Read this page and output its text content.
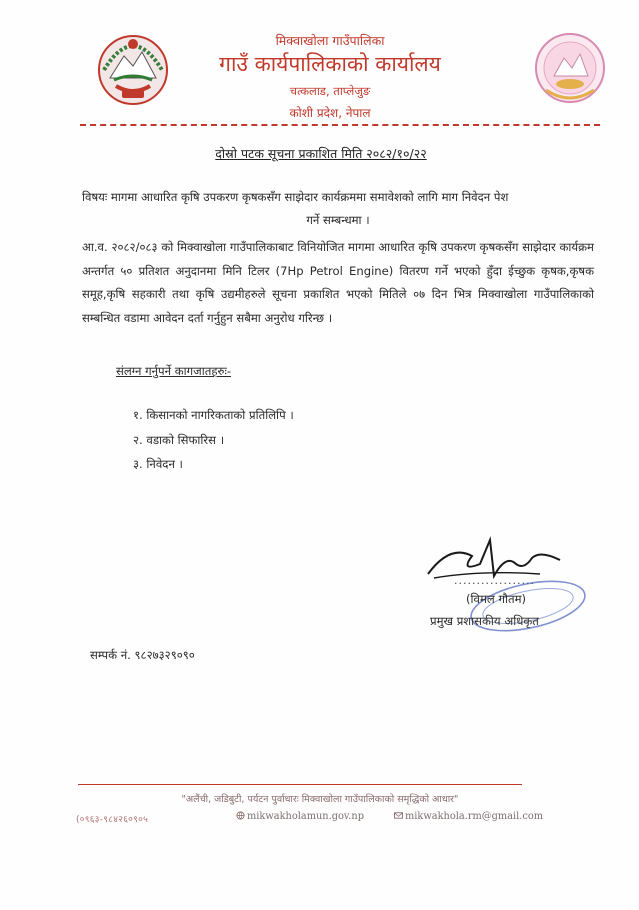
मिक्वाखोला गाउँपालिका
गाउँ कार्यपालिकाको कार्यालय
चत्कलाड, ताप्लेजुङ
कोशी प्रदेश, नेपाल
दोस्रो पटक सूचना प्रकाशित मिति २०८२/१०/२२
विषयः मागमा आधारित कृषि उपकरण कृषकसँग साझेदार कार्यक्रममा समावेशको लागि माग निवेदन पेश
गर्ने सम्बन्धमा ।
आ.व. २०८२/०८३ को मिक्वाखोला गाउँपालिकाबाट विनियोजित मागमा आधारित कृषि उपकरण कृषकसँग साझेदार कार्यक्रम अन्तर्गत ५० प्रतिशत अनुदानमा मिनि टिलर (7Hp Petrol Engine) वितरण गर्ने भएको हुँदा ईच्छुक कृषक,कृषक समूह,कृषि सहकारी तथा कृषि उद्यमीहरुले सूचना प्रकाशित भएको मितिले ०७ दिन भित्र मिक्वाखोला गाउँपालिकाको सम्बन्धित वडामा आवेदन दर्ता गर्नुहुन सबैमा अनुरोध गरिन्छ ।
संलग्न गर्नुपर्ने कागजातहरुः-
१. किसानको नागरिकताको प्रतिलिपि ।
२. वडाको सिफारिस ।
३. निवेदन ।
..................
(विमल गौतम)
प्रमुख प्रशासकीय अधिकृत
सम्पर्क नं. ९८२७३२९०९०
"अलैंची, जडिबुटी, पर्यटन पुर्वाधारः मिक्वाखोला गाउँपालिकाको समृद्धिको आधार"
(०९६३-९८४२६०९०५	mikwakholamun.gov.np	mikwakhola.rm@gmail.com
